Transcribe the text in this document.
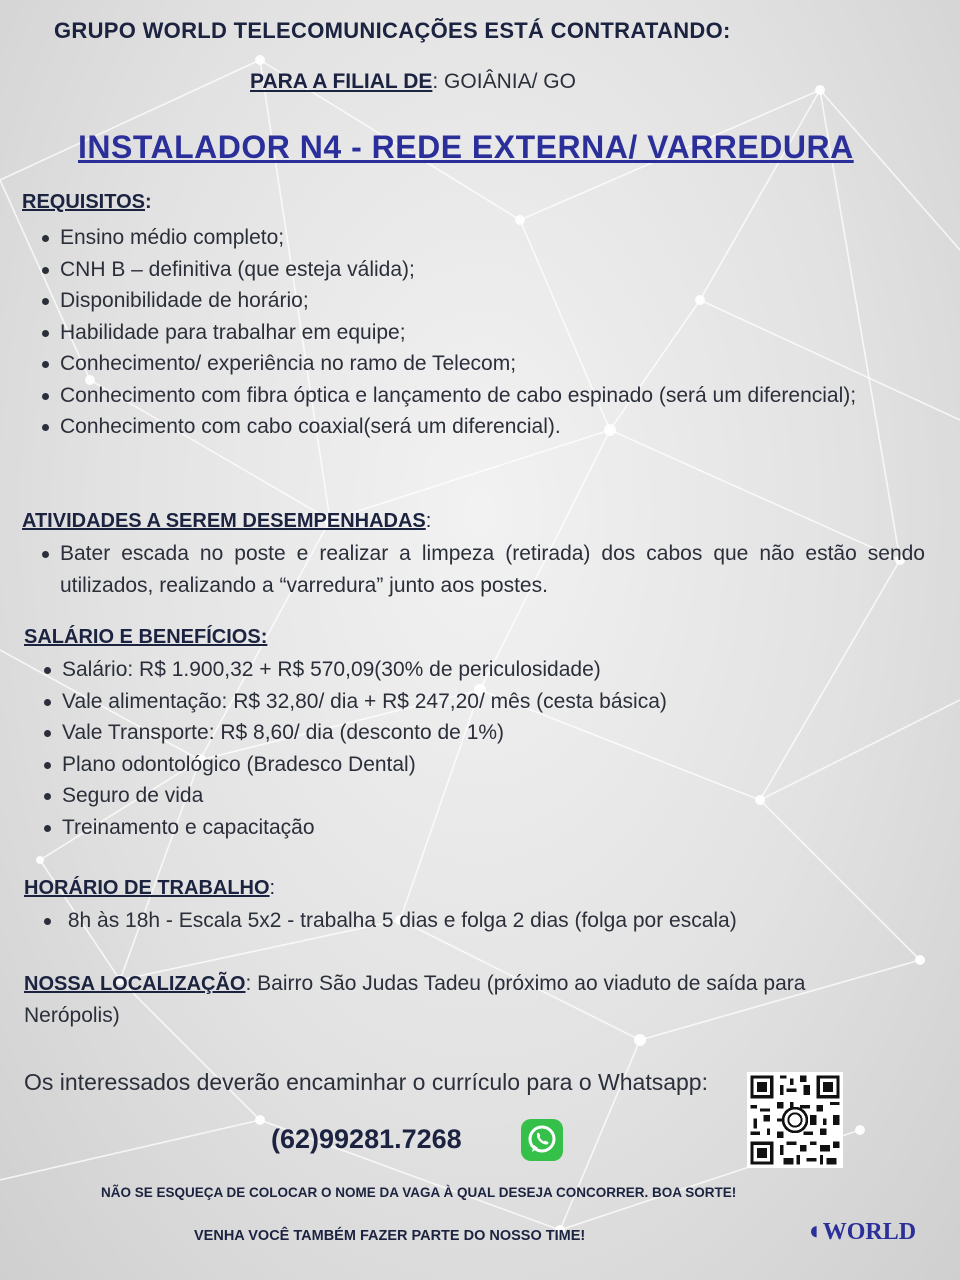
GRUPO WORLD TELECOMUNICAÇÕES ESTÁ CONTRATANDO:
PARA A FILIAL DE: GOIÂNIA/ GO
INSTALADOR N4 - REDE EXTERNA/ VARREDURA
REQUISITOS:
Ensino médio completo;
CNH B – definitiva (que esteja válida);
Disponibilidade de horário;
Habilidade para trabalhar em equipe;
Conhecimento/ experiência no ramo de Telecom;
Conhecimento com fibra óptica e lançamento de cabo espinado (será um diferencial);
Conhecimento com cabo coaxial(será um diferencial).
ATIVIDADES A SEREM DESEMPENHADAS:
Bater escada no poste e realizar a limpeza (retirada) dos cabos que não estão sendo utilizados, realizando a “varredura” junto aos postes.
SALÁRIO E BENEFÍCIOS:
Salário: R$ 1.900,32 + R$ 570,09(30% de periculosidade)
Vale alimentação: R$ 32,80/ dia + R$ 247,20/ mês (cesta básica)
Vale Transporte: R$ 8,60/ dia (desconto de 1%)
Plano odontológico (Bradesco Dental)
Seguro de vida
Treinamento e capacitação
HORÁRIO DE TRABALHO:
8h às 18h - Escala 5x2 - trabalha 5 dias e folga 2 dias (folga por escala)
NOSSA LOCALIZAÇÃO: Bairro São Judas Tadeu (próximo ao viaduto de saída para Nerópolis)
Os interessados deverão encaminhar o currículo para o Whatsapp:
(62)99281.7268
NÃO SE ESQUEÇA DE COLOCAR O NOME DA VAGA À QUAL DESEJA CONCORRER. BOA SORTE!
VENHA VOCÊ TAMBÉM FAZER PARTE DO NOSSO TIME!	◖WORLD
